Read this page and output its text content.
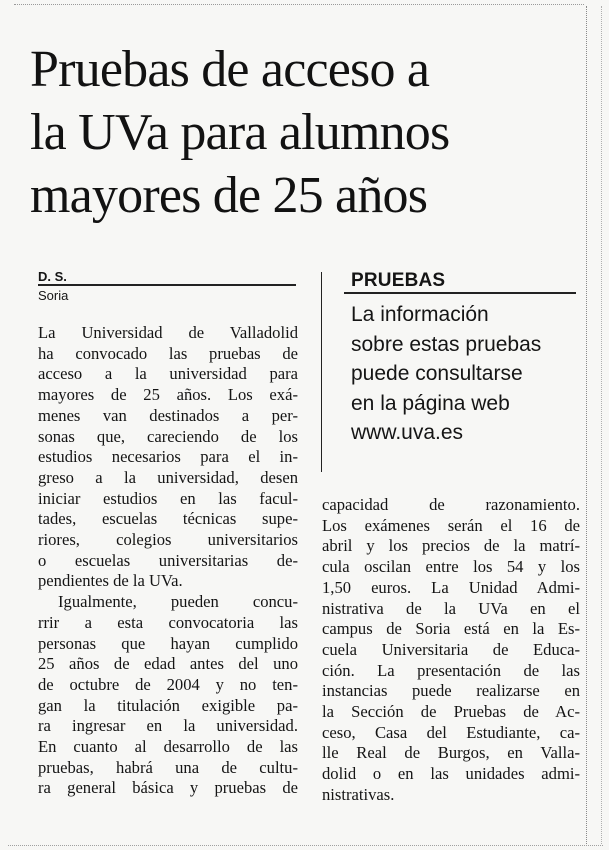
Pruebas de acceso a
la UVa para alumnos
mayores de 25 años
D. S.
Soria
PRUEBAS
La información
sobre estas pruebas
puede consultarse
en la página web
www.uva.es
La Universidad de Valladolid
ha convocado las pruebas de
acceso a la universidad para
mayores de 25 años. Los exá-
menes van destinados a per-
sonas que, careciendo de los
estudios necesarios para el in-
greso a la universidad, desen
iniciar estudios en las facul-
tades, escuelas técnicas supe-
riores, colegios universitarios
o escuelas universitarias de-
pendientes de la UVa.
Igualmente, pueden concu-
rrir a esta convocatoria las
personas que hayan cumplido
25 años de edad antes del uno
de octubre de 2004 y no ten-
gan la titulación exigible pa-
ra ingresar en la universidad.
En cuanto al desarrollo de las
pruebas, habrá una de cultu-
ra general básica y pruebas de
capacidad de razonamiento.
Los exámenes serán el 16 de
abril y los precios de la matrí-
cula oscilan entre los 54 y los
1,50 euros. La Unidad Admi-
nistrativa de la UVa en el
campus de Soria está en la Es-
cuela Universitaria de Educa-
ción. La presentación de las
instancias puede realizarse en
la Sección de Pruebas de Ac-
ceso, Casa del Estudiante, ca-
lle Real de Burgos, en Valla-
dolid o en las unidades admi-
nistrativas.
